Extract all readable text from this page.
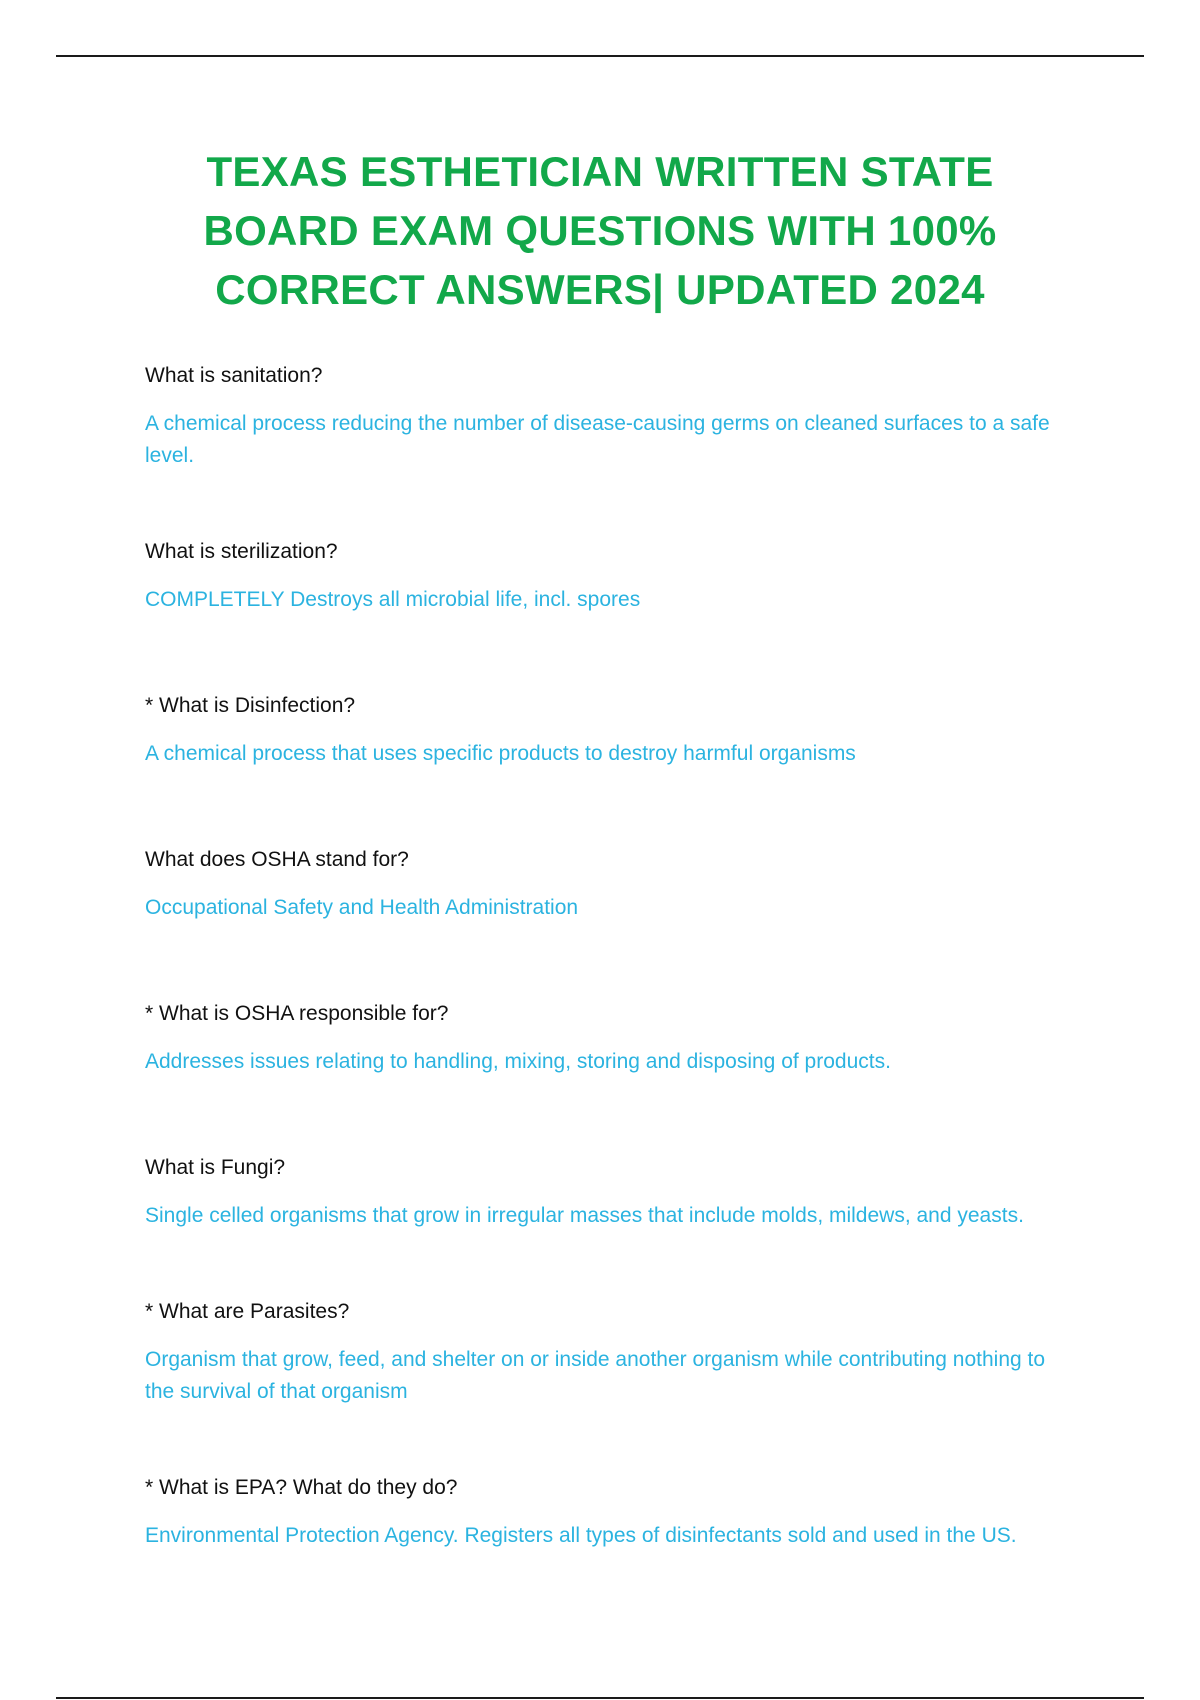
TEXAS ESTHETICIAN WRITTEN STATE
BOARD EXAM QUESTIONS WITH 100%
CORRECT ANSWERS| UPDATED 2024

What is sanitation?

A chemical process reducing the number of disease-causing germs on cleaned surfaces to a safe level.

What is sterilization?

COMPLETELY Destroys all microbial life, incl. spores

* What is Disinfection?

A chemical process that uses specific products to destroy harmful organisms

What does OSHA stand for?

Occupational Safety and Health Administration

* What is OSHA responsible for?

Addresses issues relating to handling, mixing, storing and disposing of products.

What is Fungi?

Single celled organisms that grow in irregular masses that include molds, mildews, and yeasts.

* What are Parasites?

Organism that grow, feed, and shelter on or inside another organism while contributing nothing to the survival of that organism

* What is EPA? What do they do?

Environmental Protection Agency. Registers all types of disinfectants sold and used in the US.
